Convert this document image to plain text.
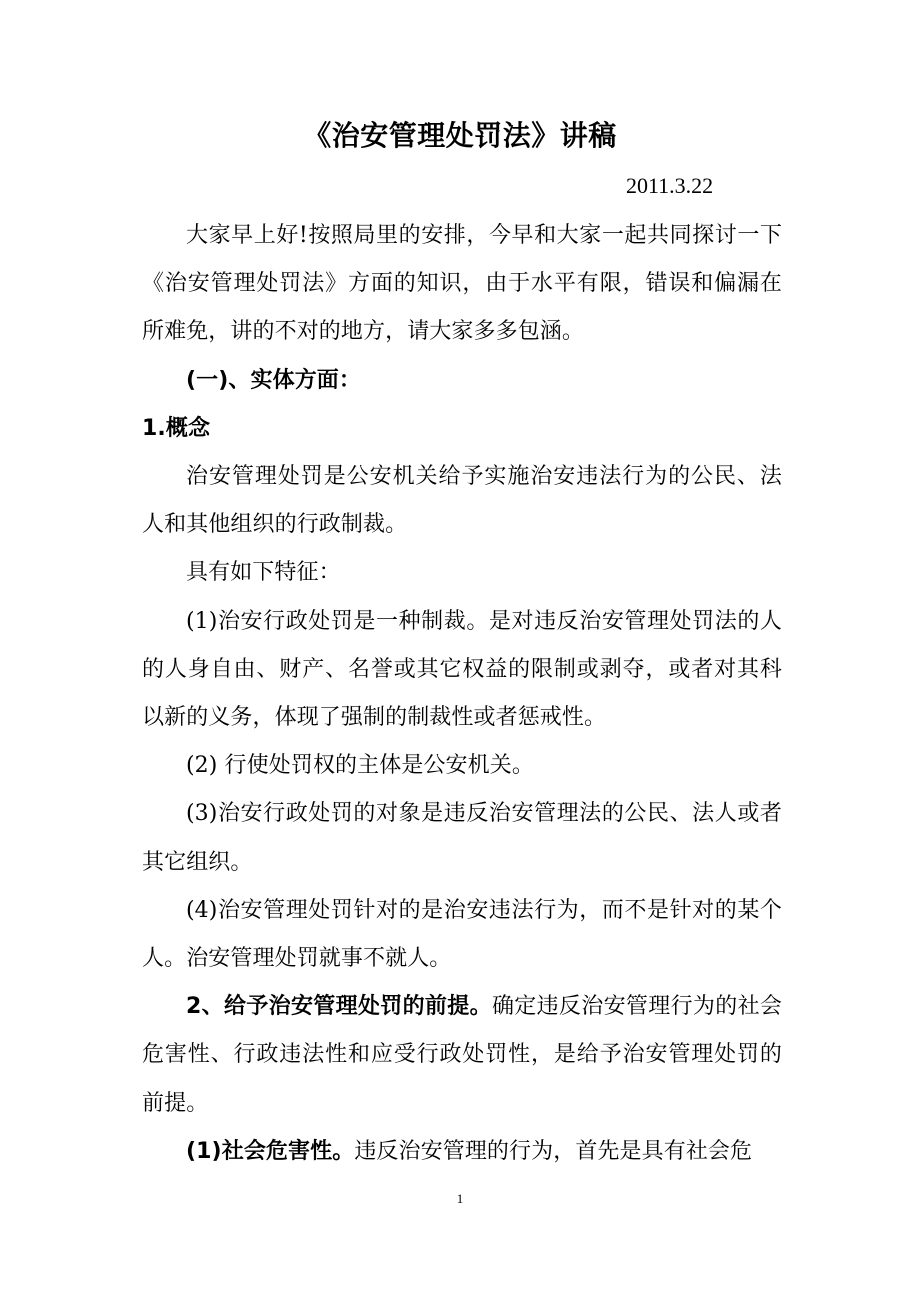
《治安管理处罚法》讲稿
2011.3.22

大家早上好!按照局里的安排，今早和大家一起共同探讨一下《治安管理处罚法》方面的知识，由于水平有限，错误和偏漏在所难免，讲的不对的地方，请大家多多包涵。

(一)、实体方面：

1.概念

治安管理处罚是公安机关给予实施治安违法行为的公民、法人和其他组织的行政制裁。

具有如下特征：

(1)治安行政处罚是一种制裁。是对违反治安管理处罚法的人的人身自由、财产、名誉或其它权益的限制或剥夺，或者对其科以新的义务，体现了强制的制裁性或者惩戒性。

(2) 行使处罚权的主体是公安机关。

(3)治安行政处罚的对象是违反治安管理法的公民、法人或者其它组织。

(4)治安管理处罚针对的是治安违法行为，而不是针对的某个人。治安管理处罚就事不就人。

2、给予治安管理处罚的前提。确定违反治安管理行为的社会危害性、行政违法性和应受行政处罚性，是给予治安管理处罚的前提。

(1)社会危害性。违反治安管理的行为，首先是具有社会危

1
